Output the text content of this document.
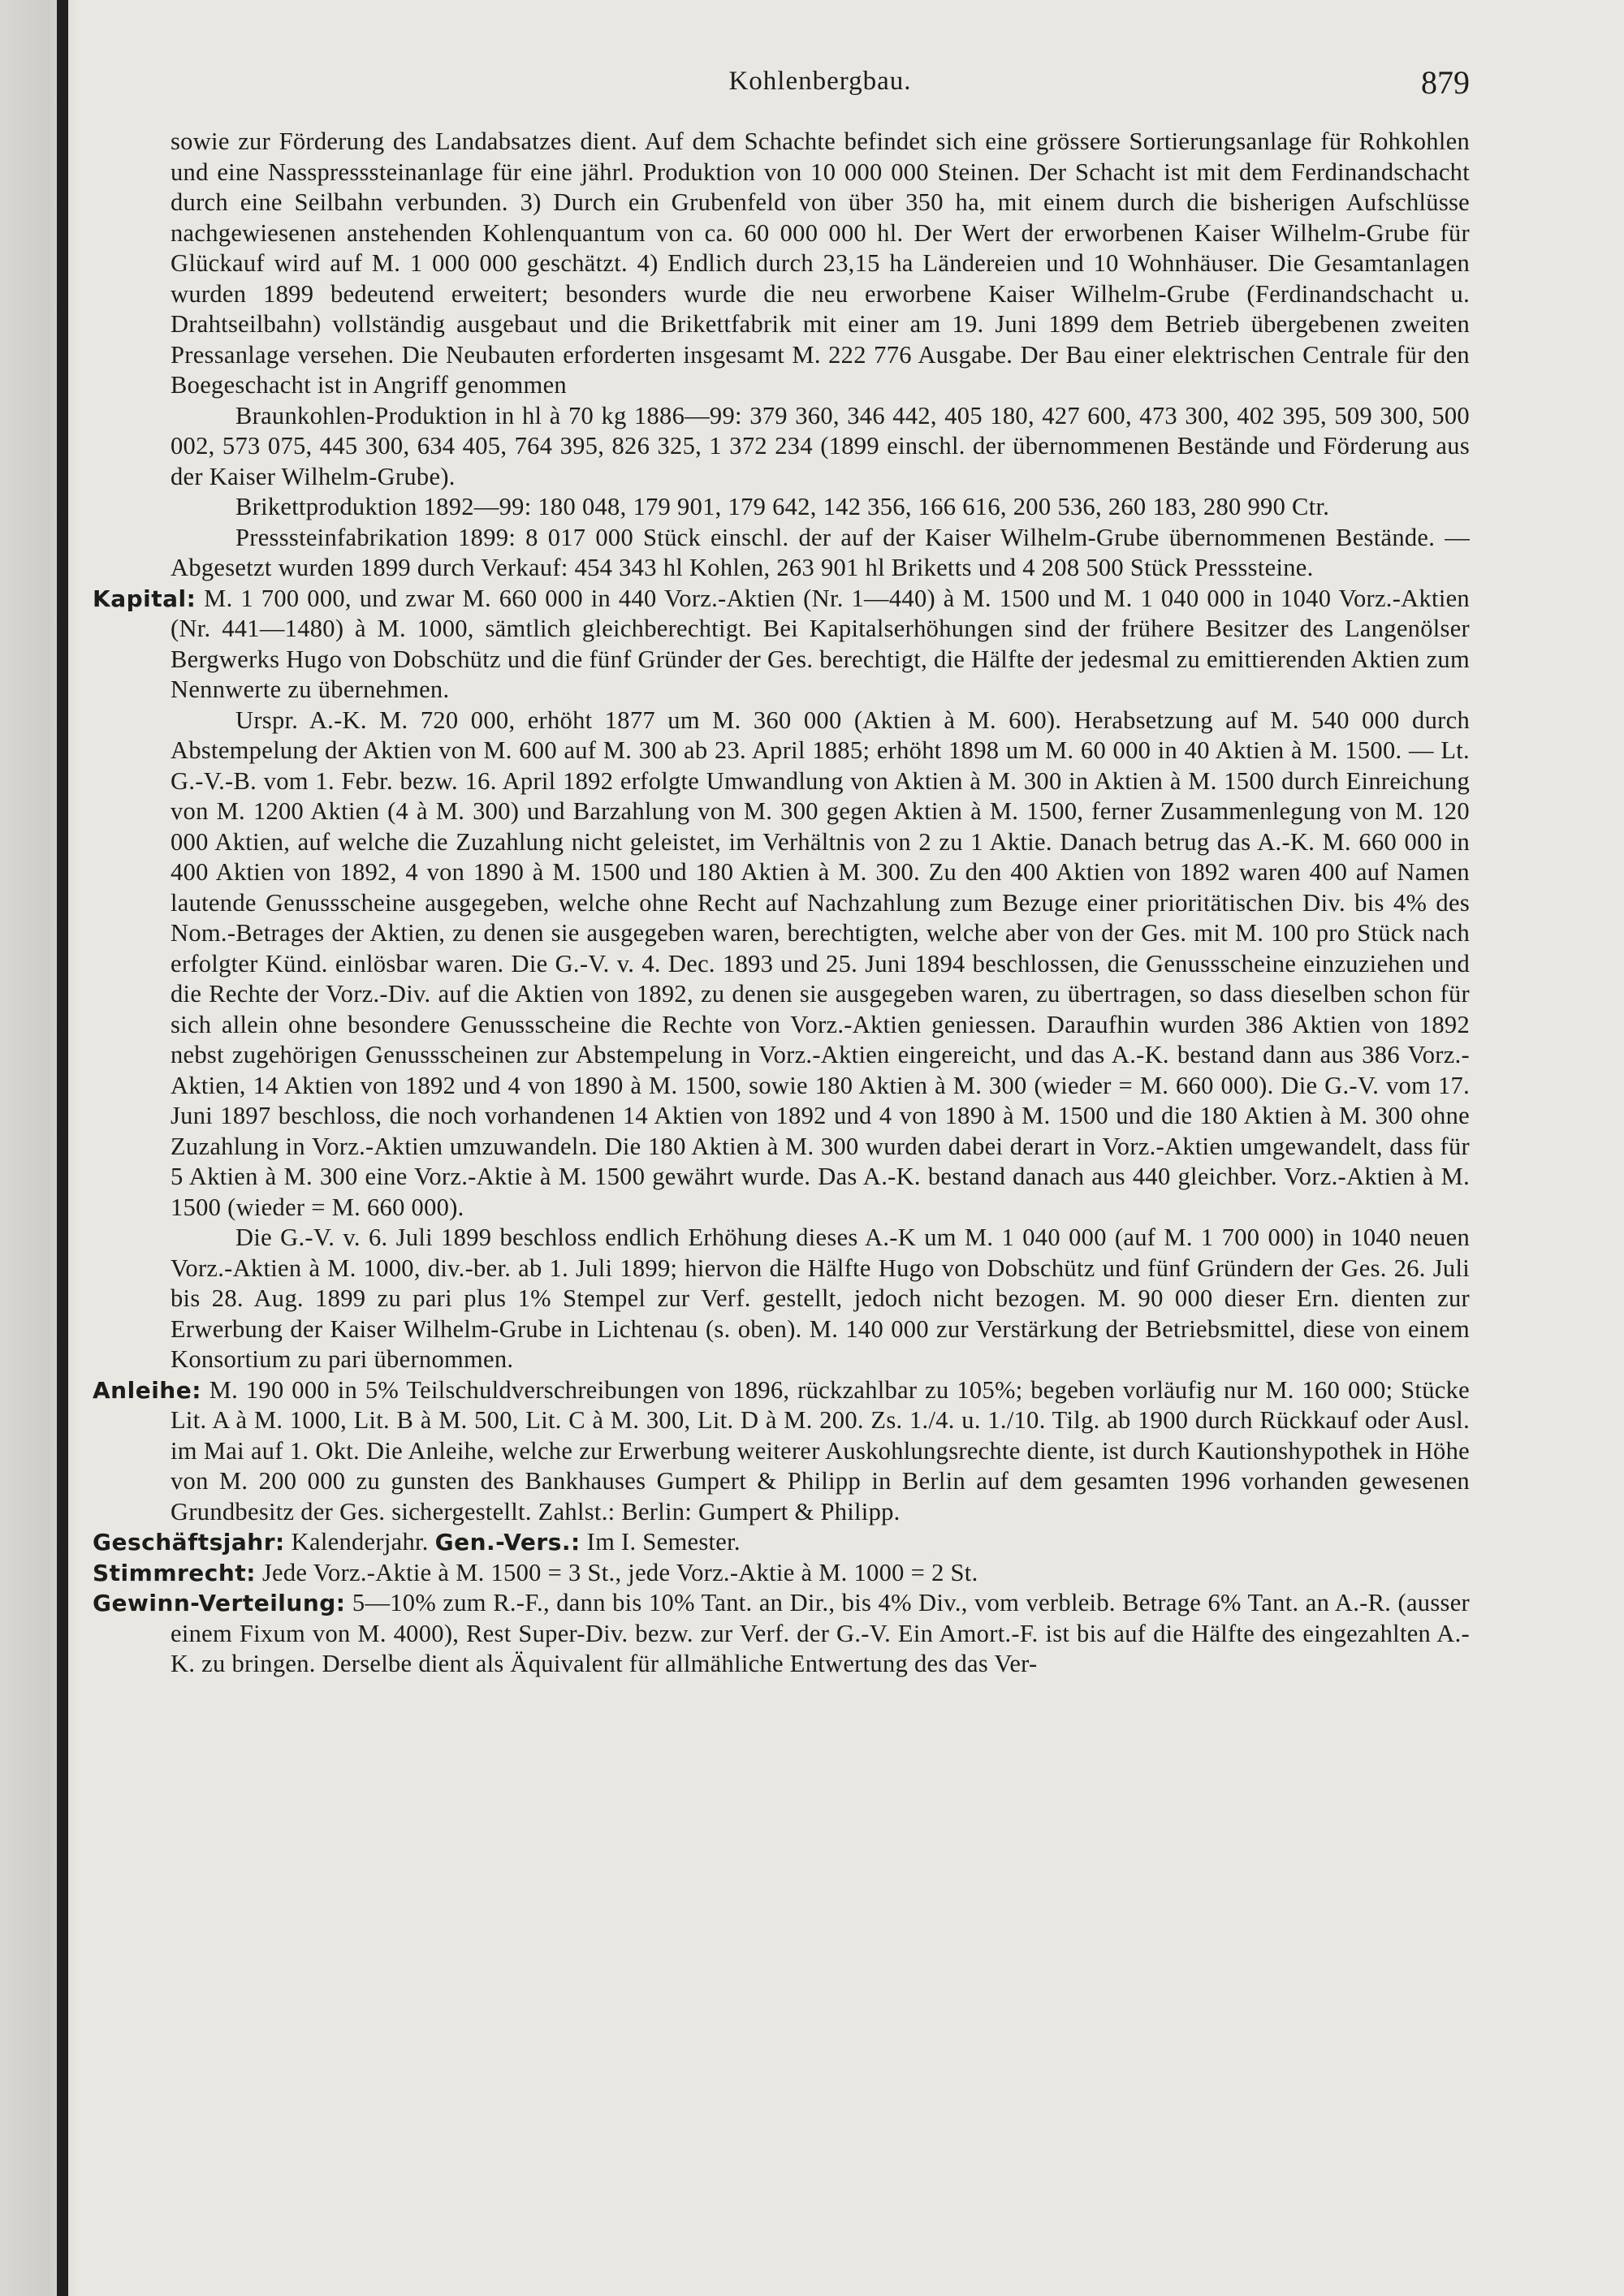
Kohlenbergbau.	879

sowie zur Förderung des Landabsatzes dient. Auf dem Schachte befindet sich eine grössere Sortierungsanlage für Rohkohlen und eine Nasspresssteinanlage für eine jährl. Produktion von 10 000 000 Steinen. Der Schacht ist mit dem Ferdinandschacht durch eine Seilbahn verbunden. 3) Durch ein Grubenfeld von über 350 ha, mit einem durch die bisherigen Aufschlüsse nachgewiesenen anstehenden Kohlenquantum von ca. 60 000 000 hl. Der Wert der erworbenen Kaiser Wilhelm-Grube für Glückauf wird auf M. 1 000 000 geschätzt. 4) Endlich durch 23,15 ha Ländereien und 10 Wohnhäuser. Die Gesamtanlagen wurden 1899 bedeutend erweitert; besonders wurde die neu erworbene Kaiser Wilhelm-Grube (Ferdinandschacht u. Drahtseilbahn) vollständig ausgebaut und die Brikettfabrik mit einer am 19. Juni 1899 dem Betrieb übergebenen zweiten Pressanlage versehen. Die Neubauten erforderten insgesamt M. 222 776 Ausgabe. Der Bau einer elektrischen Centrale für den Boegeschacht ist in Angriff genommen

Braunkohlen-Produktion in hl à 70 kg 1886—99: 379 360, 346 442, 405 180, 427 600, 473 300, 402 395, 509 300, 500 002, 573 075, 445 300, 634 405, 764 395, 826 325, 1 372 234 (1899 einschl. der übernommenen Bestände und Förderung aus der Kaiser Wilhelm-Grube).

Brikettproduktion 1892—99: 180 048, 179 901, 179 642, 142 356, 166 616, 200 536, 260 183, 280 990 Ctr.

Presssteinfabrikation 1899: 8 017 000 Stück einschl. der auf der Kaiser Wilhelm-Grube übernommenen Bestände. — Abgesetzt wurden 1899 durch Verkauf: 454 343 hl Kohlen, 263 901 hl Briketts und 4 208 500 Stück Presssteine.

Kapital: M. 1 700 000, und zwar M. 660 000 in 440 Vorz.-Aktien (Nr. 1—440) à M. 1500 und M. 1 040 000 in 1040 Vorz.-Aktien (Nr. 441—1480) à M. 1000, sämtlich gleichberechtigt. Bei Kapitalserhöhungen sind der frühere Besitzer des Langenölser Bergwerks Hugo von Dobschütz und die fünf Gründer der Ges. berechtigt, die Hälfte der jedesmal zu emittierenden Aktien zum Nennwerte zu übernehmen.

Urspr. A.-K. M. 720 000, erhöht 1877 um M. 360 000 (Aktien à M. 600). Herabsetzung auf M. 540 000 durch Abstempelung der Aktien von M. 600 auf M. 300 ab 23. April 1885; erhöht 1898 um M. 60 000 in 40 Aktien à M. 1500. — Lt. G.-V.-B. vom 1. Febr. bezw. 16. April 1892 erfolgte Umwandlung von Aktien à M. 300 in Aktien à M. 1500 durch Einreichung von M. 1200 Aktien (4 à M. 300) und Barzahlung von M. 300 gegen Aktien à M. 1500, ferner Zusammenlegung von M. 120 000 Aktien, auf welche die Zuzahlung nicht geleistet, im Verhältnis von 2 zu 1 Aktie. Danach betrug das A.-K. M. 660 000 in 400 Aktien von 1892, 4 von 1890 à M. 1500 und 180 Aktien à M. 300. Zu den 400 Aktien von 1892 waren 400 auf Namen lautende Genussscheine ausgegeben, welche ohne Recht auf Nachzahlung zum Bezuge einer prioritätischen Div. bis 4% des Nom.-Betrages der Aktien, zu denen sie ausgegeben waren, berechtigten, welche aber von der Ges. mit M. 100 pro Stück nach erfolgter Künd. einlösbar waren. Die G.-V. v. 4. Dec. 1893 und 25. Juni 1894 beschlossen, die Genussscheine einzuziehen und die Rechte der Vorz.-Div. auf die Aktien von 1892, zu denen sie ausgegeben waren, zu übertragen, so dass dieselben schon für sich allein ohne besondere Genussscheine die Rechte von Vorz.-Aktien geniessen. Daraufhin wurden 386 Aktien von 1892 nebst zugehörigen Genussscheinen zur Abstempelung in Vorz.-Aktien eingereicht, und das A.-K. bestand dann aus 386 Vorz.-Aktien, 14 Aktien von 1892 und 4 von 1890 à M. 1500, sowie 180 Aktien à M. 300 (wieder = M. 660 000). Die G.-V. vom 17. Juni 1897 beschloss, die noch vorhandenen 14 Aktien von 1892 und 4 von 1890 à M. 1500 und die 180 Aktien à M. 300 ohne Zuzahlung in Vorz.-Aktien umzuwandeln. Die 180 Aktien à M. 300 wurden dabei derart in Vorz.-Aktien umgewandelt, dass für 5 Aktien à M. 300 eine Vorz.-Aktie à M. 1500 gewährt wurde. Das A.-K. bestand danach aus 440 gleichber. Vorz.-Aktien à M. 1500 (wieder = M. 660 000).

Die G.-V. v. 6. Juli 1899 beschloss endlich Erhöhung dieses A.-K um M. 1 040 000 (auf M. 1 700 000) in 1040 neuen Vorz.-Aktien à M. 1000, div.-ber. ab 1. Juli 1899; hiervon die Hälfte Hugo von Dobschütz und fünf Gründern der Ges. 26. Juli bis 28. Aug. 1899 zu pari plus 1% Stempel zur Verf. gestellt, jedoch nicht bezogen. M. 90 000 dieser Ern. dienten zur Erwerbung der Kaiser Wilhelm-Grube in Lichtenau (s. oben). M. 140 000 zur Verstärkung der Betriebsmittel, diese von einem Konsortium zu pari übernommen.

Anleihe: M. 190 000 in 5% Teilschuldverschreibungen von 1896, rückzahlbar zu 105%; begeben vorläufig nur M. 160 000; Stücke Lit. A à M. 1000, Lit. B à M. 500, Lit. C à M. 300, Lit. D à M. 200. Zs. 1./4. u. 1./10. Tilg. ab 1900 durch Rückkauf oder Ausl. im Mai auf 1. Okt. Die Anleihe, welche zur Erwerbung weiterer Auskohlungsrechte diente, ist durch Kautionshypothek in Höhe von M. 200 000 zu gunsten des Bankhauses Gumpert & Philipp in Berlin auf dem gesamten 1996 vorhanden gewesenen Grundbesitz der Ges. sichergestellt. Zahlst.: Berlin: Gumpert & Philipp.

Geschäftsjahr: Kalenderjahr. Gen.-Vers.: Im I. Semester.

Stimmrecht: Jede Vorz.-Aktie à M. 1500 = 3 St., jede Vorz.-Aktie à M. 1000 = 2 St.

Gewinn-Verteilung: 5—10% zum R.-F., dann bis 10% Tant. an Dir., bis 4% Div., vom verbleib. Betrage 6% Tant. an A.-R. (ausser einem Fixum von M. 4000), Rest Super-Div. bezw. zur Verf. der G.-V. Ein Amort.-F. ist bis auf die Hälfte des eingezahlten A.-K. zu bringen. Derselbe dient als Äquivalent für allmähliche Entwertung des das Ver-
